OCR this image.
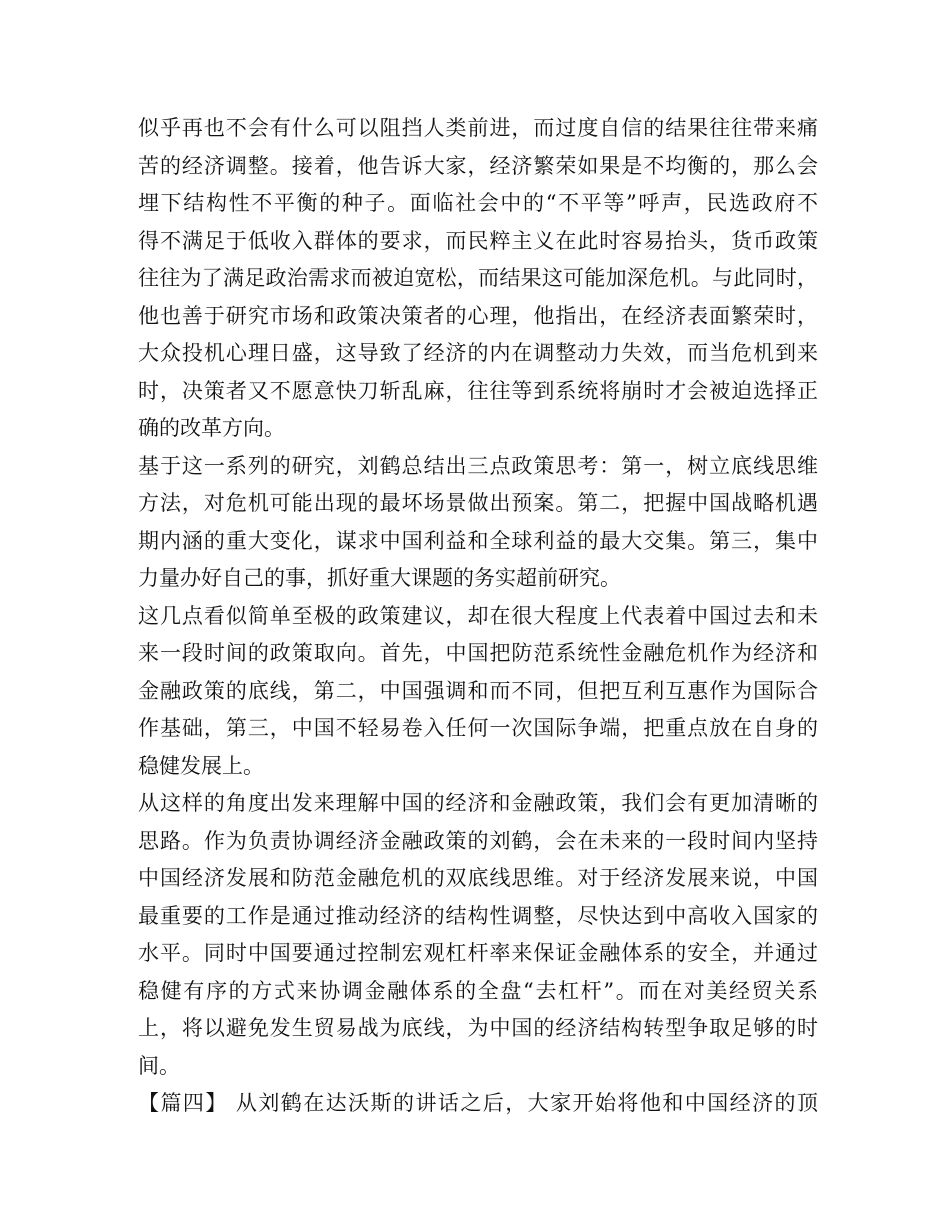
似乎再也不会有什么可以阻挡人类前进，而过度自信的结果往往带来痛
苦的经济调整。接着，他告诉大家，经济繁荣如果是不均衡的，那么会
埋下结构性不平衡的种子。面临社会中的“不平等”呼声，民选政府不
得不满足于低收入群体的要求，而民粹主义在此时容易抬头，货币政策
往往为了满足政治需求而被迫宽松，而结果这可能加深危机。与此同时，
他也善于研究市场和政策决策者的心理，他指出，在经济表面繁荣时，
大众投机心理日盛，这导致了经济的内在调整动力失效，而当危机到来
时，决策者又不愿意快刀斩乱麻，往往等到系统将崩时才会被迫选择正
确的改革方向。
基于这一系列的研究，刘鹤总结出三点政策思考：第一，树立底线思维
方法，对危机可能出现的最坏场景做出预案。第二，把握中国战略机遇
期内涵的重大变化，谋求中国利益和全球利益的最大交集。第三，集中
力量办好自己的事，抓好重大课题的务实超前研究。
这几点看似简单至极的政策建议，却在很大程度上代表着中国过去和未
来一段时间的政策取向。首先，中国把防范系统性金融危机作为经济和
金融政策的底线，第二，中国强调和而不同，但把互利互惠作为国际合
作基础，第三，中国不轻易卷入任何一次国际争端，把重点放在自身的
稳健发展上。
从这样的角度出发来理解中国的经济和金融政策，我们会有更加清晰的
思路。作为负责协调经济金融政策的刘鹤，会在未来的一段时间内坚持
中国经济发展和防范金融危机的双底线思维。对于经济发展来说，中国
最重要的工作是通过推动经济的结构性调整，尽快达到中高收入国家的
水平。同时中国要通过控制宏观杠杆率来保证金融体系的安全，并通过
稳健有序的方式来协调金融体系的全盘“去杠杆”。而在对美经贸关系
上，将以避免发生贸易战为底线，为中国的经济结构转型争取足够的时
间。
【篇四】 从刘鹤在达沃斯的讲话之后，大家开始将他和中国经济的顶
